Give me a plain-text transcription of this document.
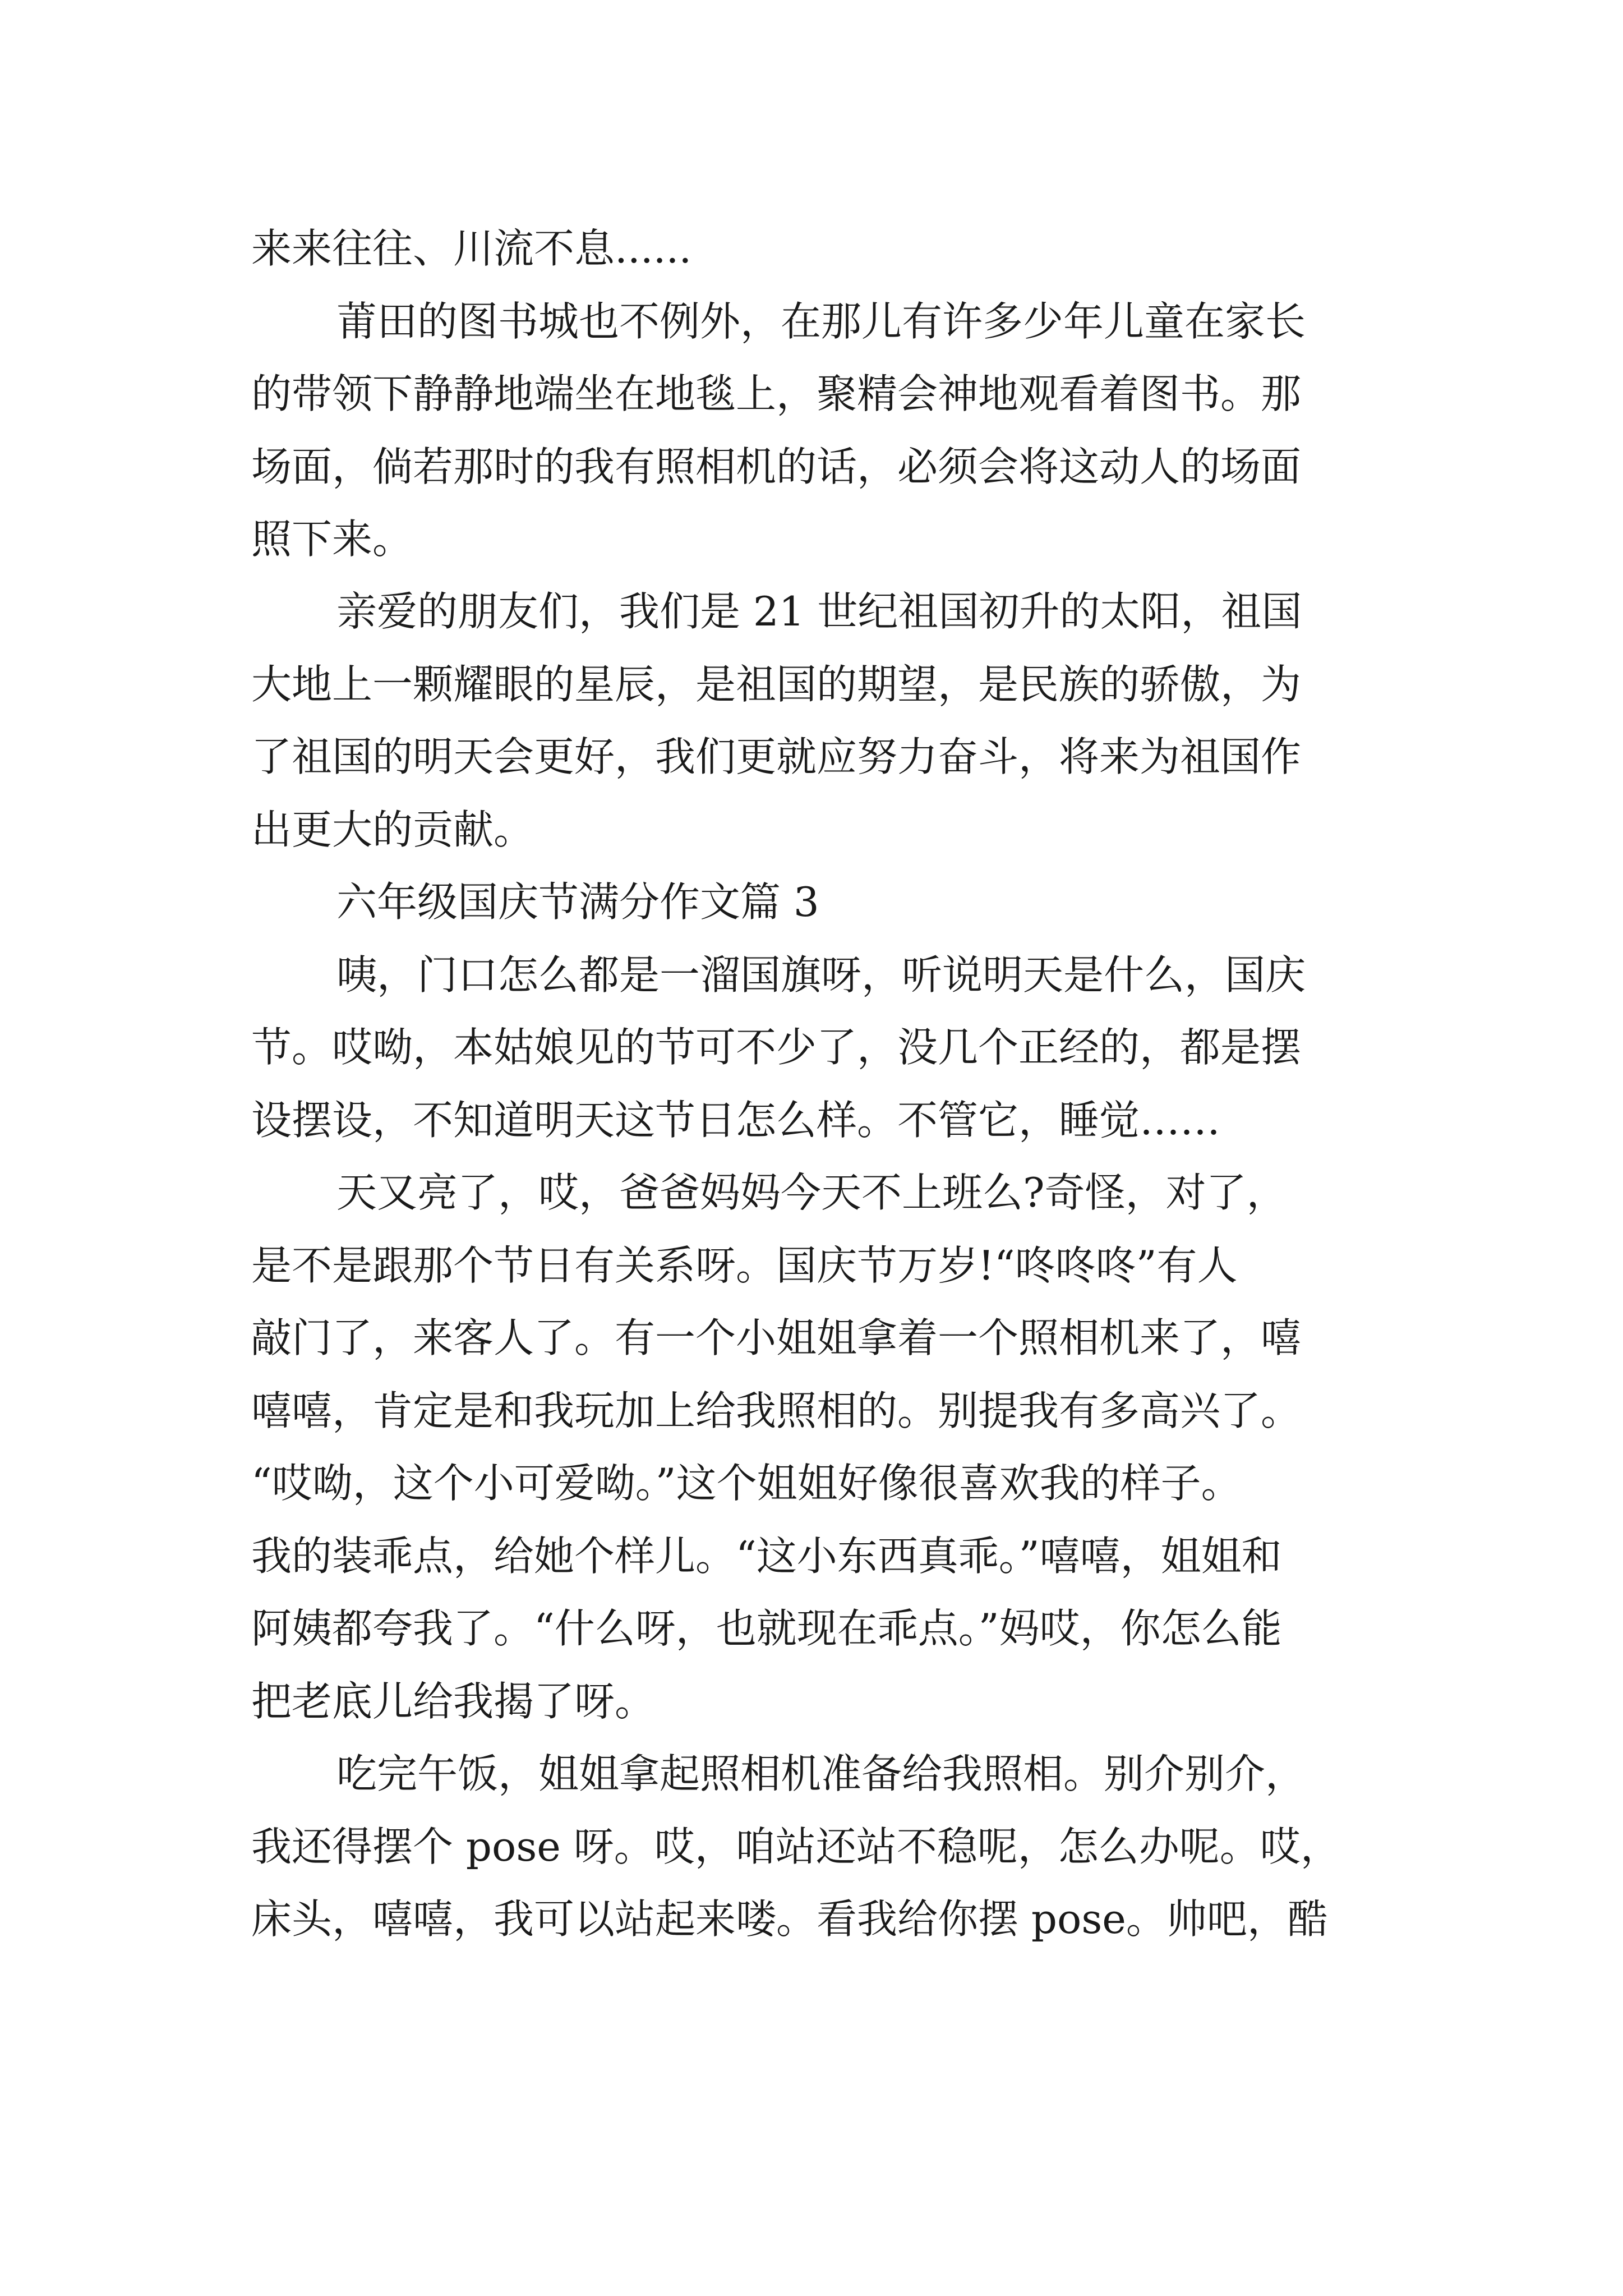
来来往往、川流不息......

莆田的图书城也不例外，在那儿有许多少年儿童在家长

的带领下静静地端坐在地毯上，聚精会神地观看着图书。那

场面，倘若那时的我有照相机的话，必须会将这动人的场面

照下来。

亲爱的朋友们，我们是 21 世纪祖国初升的太阳，祖国

大地上一颗耀眼的星辰，是祖国的期望，是民族的骄傲，为

了祖国的明天会更好，我们更就应努力奋斗，将来为祖国作

出更大的贡献。

六年级国庆节满分作文篇 3

咦，门口怎么都是一溜国旗呀，听说明天是什么，国庆

节。哎呦，本姑娘见的节可不少了，没几个正经的，都是摆

设摆设，不知道明天这节日怎么样。不管它，睡觉……

天又亮了，哎，爸爸妈妈今天不上班么?奇怪，对了，

是不是跟那个节日有关系呀。国庆节万岁!“咚咚咚”有人

敲门了，来客人了。有一个小姐姐拿着一个照相机来了，嘻

嘻嘻，肯定是和我玩加上给我照相的。别提我有多高兴了。

“哎呦，这个小可爱呦。”这个姐姐好像很喜欢我的样子。

我的装乖点，给她个样儿。“这小东西真乖。”嘻嘻，姐姐和

阿姨都夸我了。“什么呀，也就现在乖点。”妈哎，你怎么能

把老底儿给我揭了呀。

吃完午饭，姐姐拿起照相机准备给我照相。别介别介，

我还得摆个 pose 呀。哎，咱站还站不稳呢，怎么办呢。哎，

床头，嘻嘻，我可以站起来喽。看我给你摆 pose。帅吧，酷
